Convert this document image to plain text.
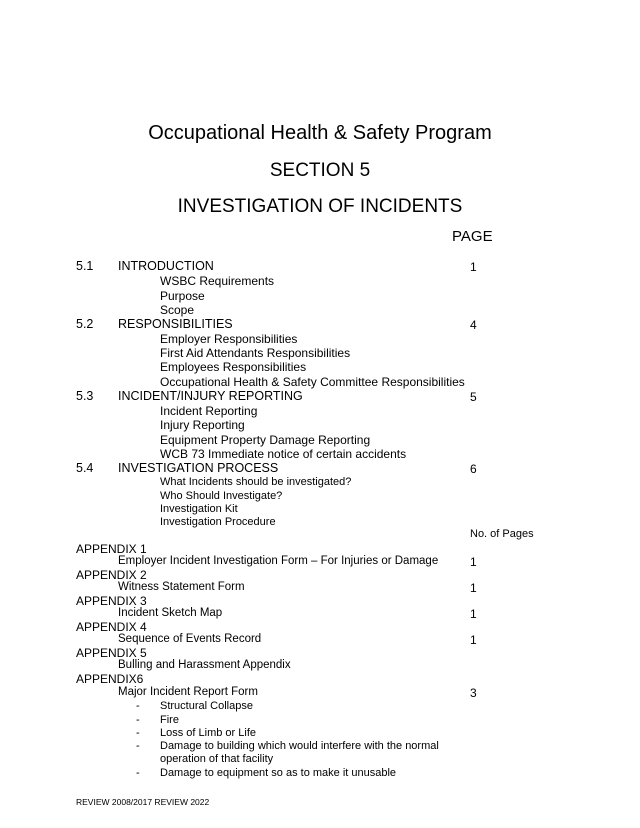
Occupational Health & Safety Program
SECTION 5
INVESTIGATION OF INCIDENTS
PAGE
5.1 INTRODUCTION	1
WSBC Requirements
Purpose
Scope
5.2 RESPONSIBILITIES	4
Employer Responsibilities
First Aid Attendants Responsibilities
Employees Responsibilities
Occupational Health & Safety Committee Responsibilities
5.3 INCIDENT/INJURY REPORTING	5
Incident Reporting
Injury Reporting
Equipment Property Damage Reporting
WCB 73 Immediate notice of certain accidents
5.4 INVESTIGATION PROCESS	6
What Incidents should be investigated?
Who Should Investigate?
Investigation Kit
Investigation Procedure
No. of Pages
APPENDIX 1
Employer Incident Investigation Form – For Injuries or Damage	1
APPENDIX 2
Witness Statement Form	1
APPENDIX 3
Incident Sketch Map	1
APPENDIX 4
Sequence of Events Record	1
APPENDIX 5
Bulling and Harassment Appendix
APPENDIX6
Major Incident Report Form	3
- Structural Collapse
- Fire
- Loss of Limb or Life
- Damage to building which would interfere with the normal
operation of that facility
- Damage to equipment so as to make it unusable
REVIEW 2008/2017 REVIEW 2022
